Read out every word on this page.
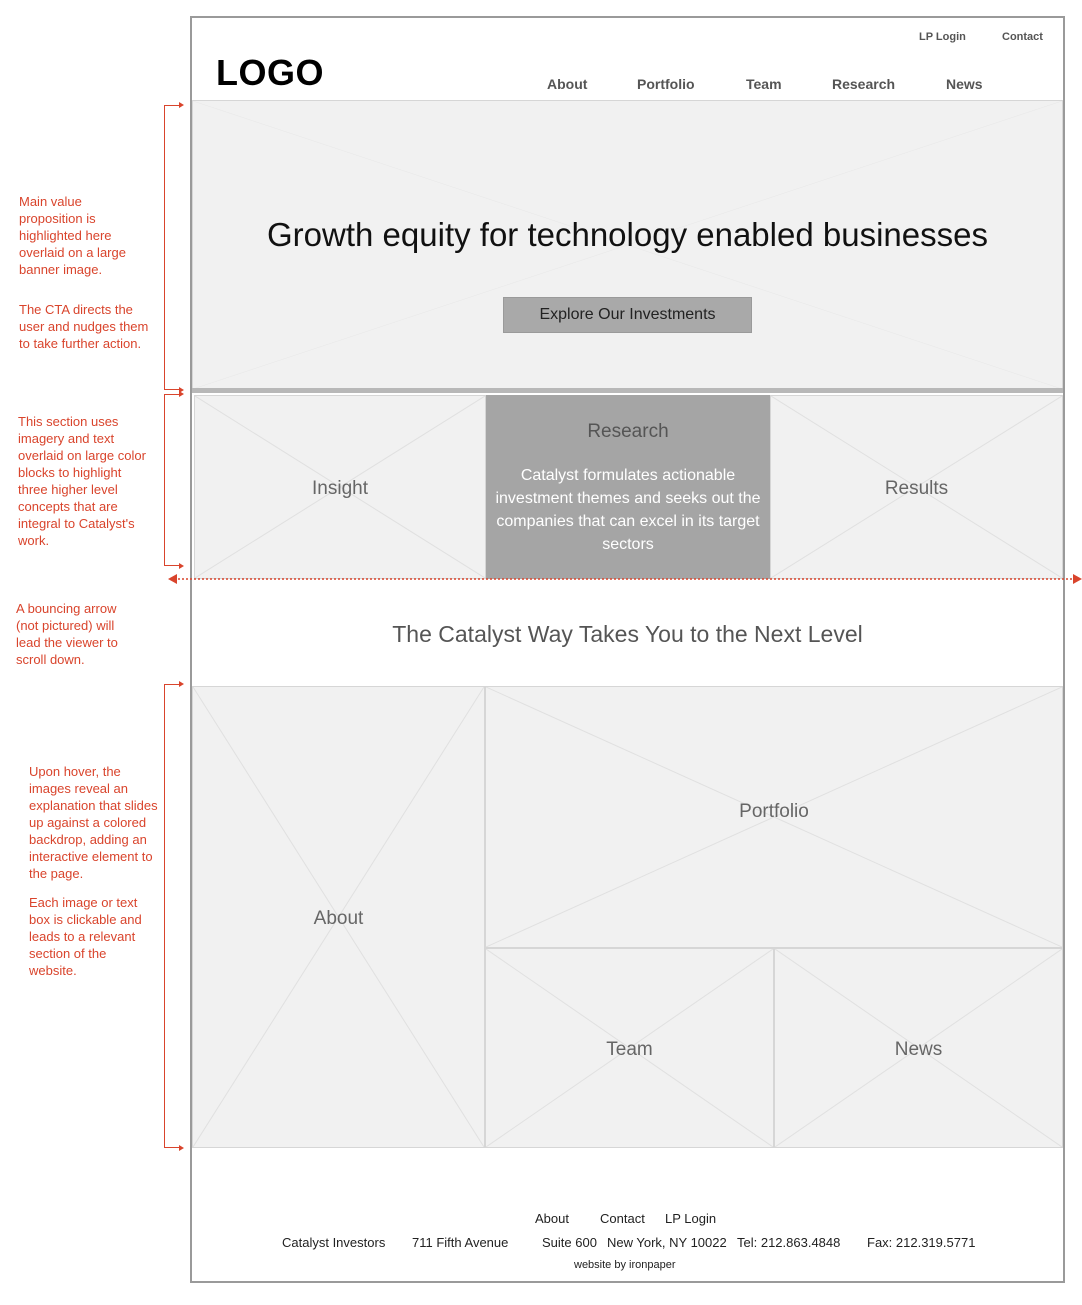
LP Login	Contact
LOGO	About	Portfolio	Team	Research	News
Growth equity for technology enabled businesses
Explore Our Investments
Insight
Research
Catalyst formulates actionable investment themes and seeks out the companies that can excel in its target sectors
Results
The Catalyst Way Takes You to the Next Level
About
Portfolio
Team	News
About Contact LP Login
Catalyst Investors 711 Fifth Avenue	Suite 600 New York, NY 10022 Tel: 212.863.4848 Fax: 212.319.5771
website by ironpaper
Main value proposition is highlighted here overlaid on a large banner image.
The CTA directs the user and nudges them to take further action.
This section uses imagery and text overlaid on large color blocks to highlight three higher level concepts that are integral to Catalyst's work.
A bouncing arrow (not pictured) will lead the viewer to scroll down.
Upon hover, the images reveal an explanation that slides up against a colored backdrop, adding an interactive element to the page.
Each image or text box is clickable and leads to a relevant section of the website.
